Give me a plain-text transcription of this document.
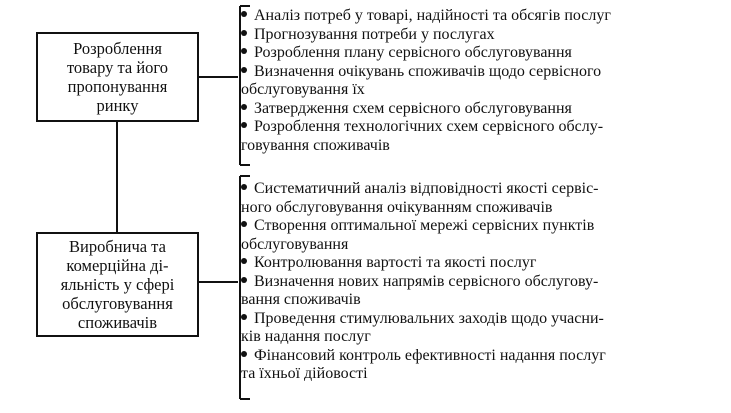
Розроблення
товару та його
пропонування
ринку
Виробнича та
комерційна ді-
яльність у сфері
обслуговування
споживачів
Аналіз потреб у товарі, надійності та обсягів послуг
Прогнозування потреби у послугах
Розроблення плану сервісного обслуговування
Визначення очікувань споживачів щодо сервісного
обслуговування їх
Затвердження схем сервісного обслуговування
Розроблення технологічних схем сервісного обслу-
говування споживачів
Систематичний аналіз відповідності якості сервіс-
ного обслуговування очікуванням споживачів
Створення оптимальної мережі сервісних пунктів
обслуговування
Контролювання вартості та якості послуг
Визначення нових напрямів сервісного обслугову-
вання споживачів
Проведення стимулювальних заходів щодо учасни-
ків надання послуг
Фінансовий контроль ефективності надання послуг
та їхньої дійовості
